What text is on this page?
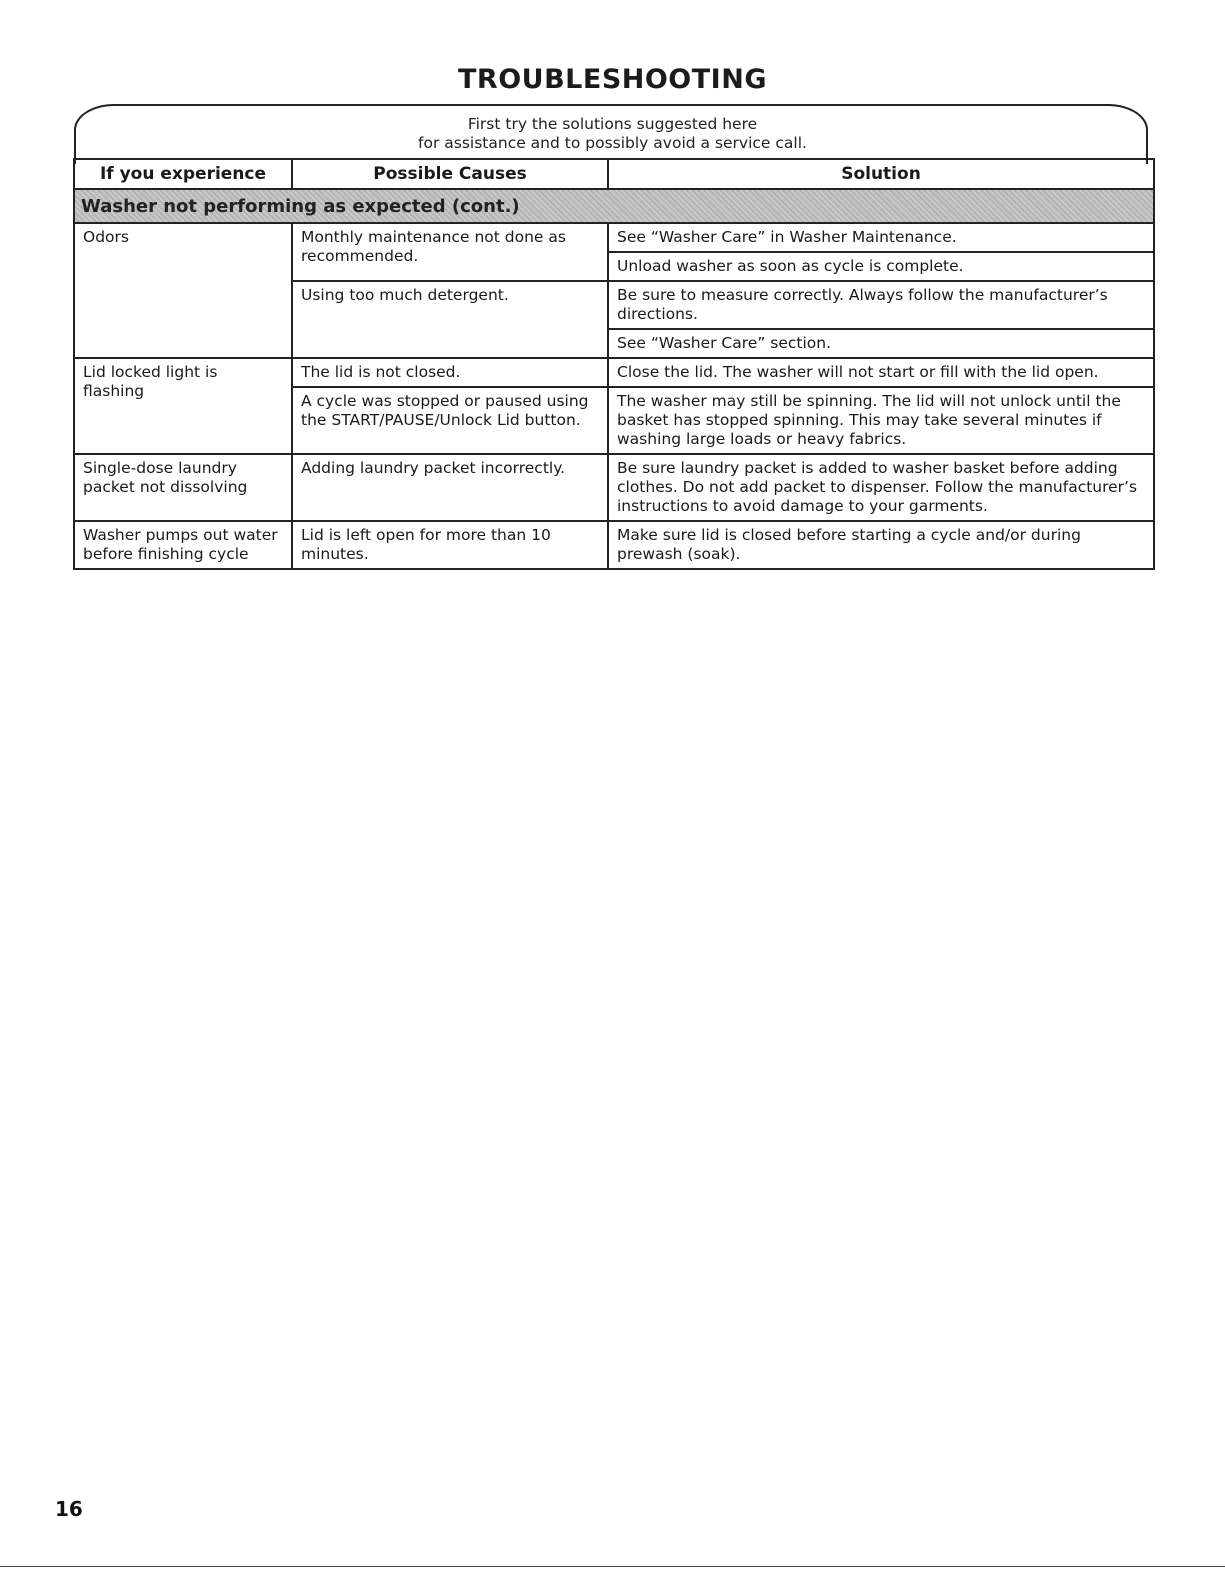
TROUBLESHOOTING
First try the solutions suggested here
for assistance and to possibly avoid a service call.
If you experience	Possible Causes	Solution
Washer not performing as expected (cont.)		
Odors	Monthly maintenance not done as recommended.	See “Washer Care” in Washer Maintenance.
		Unload washer as soon as cycle is complete.
	Using too much detergent.	Be sure to measure correctly. Always follow the manufacturer’s directions.
		See “Washer Care” section.
Lid locked light is flashing	The lid is not closed.	Close the lid. The washer will not start or fill with the lid open.
	A cycle was stopped or paused using the START/PAUSE/Unlock Lid button.	The washer may still be spinning. The lid will not unlock until the basket has stopped spinning. This may take several minutes if washing large loads or heavy fabrics.
Single-dose laundry packet not dissolving	Adding laundry packet incorrectly.	Be sure laundry packet is added to washer basket before adding clothes. Do not add packet to dispenser. Follow the manufacturer’s instructions to avoid damage to your garments.
Washer pumps out water before finishing cycle	Lid is left open for more than 10 minutes.	Make sure lid is closed before starting a cycle and/or during prewash (soak).
16
